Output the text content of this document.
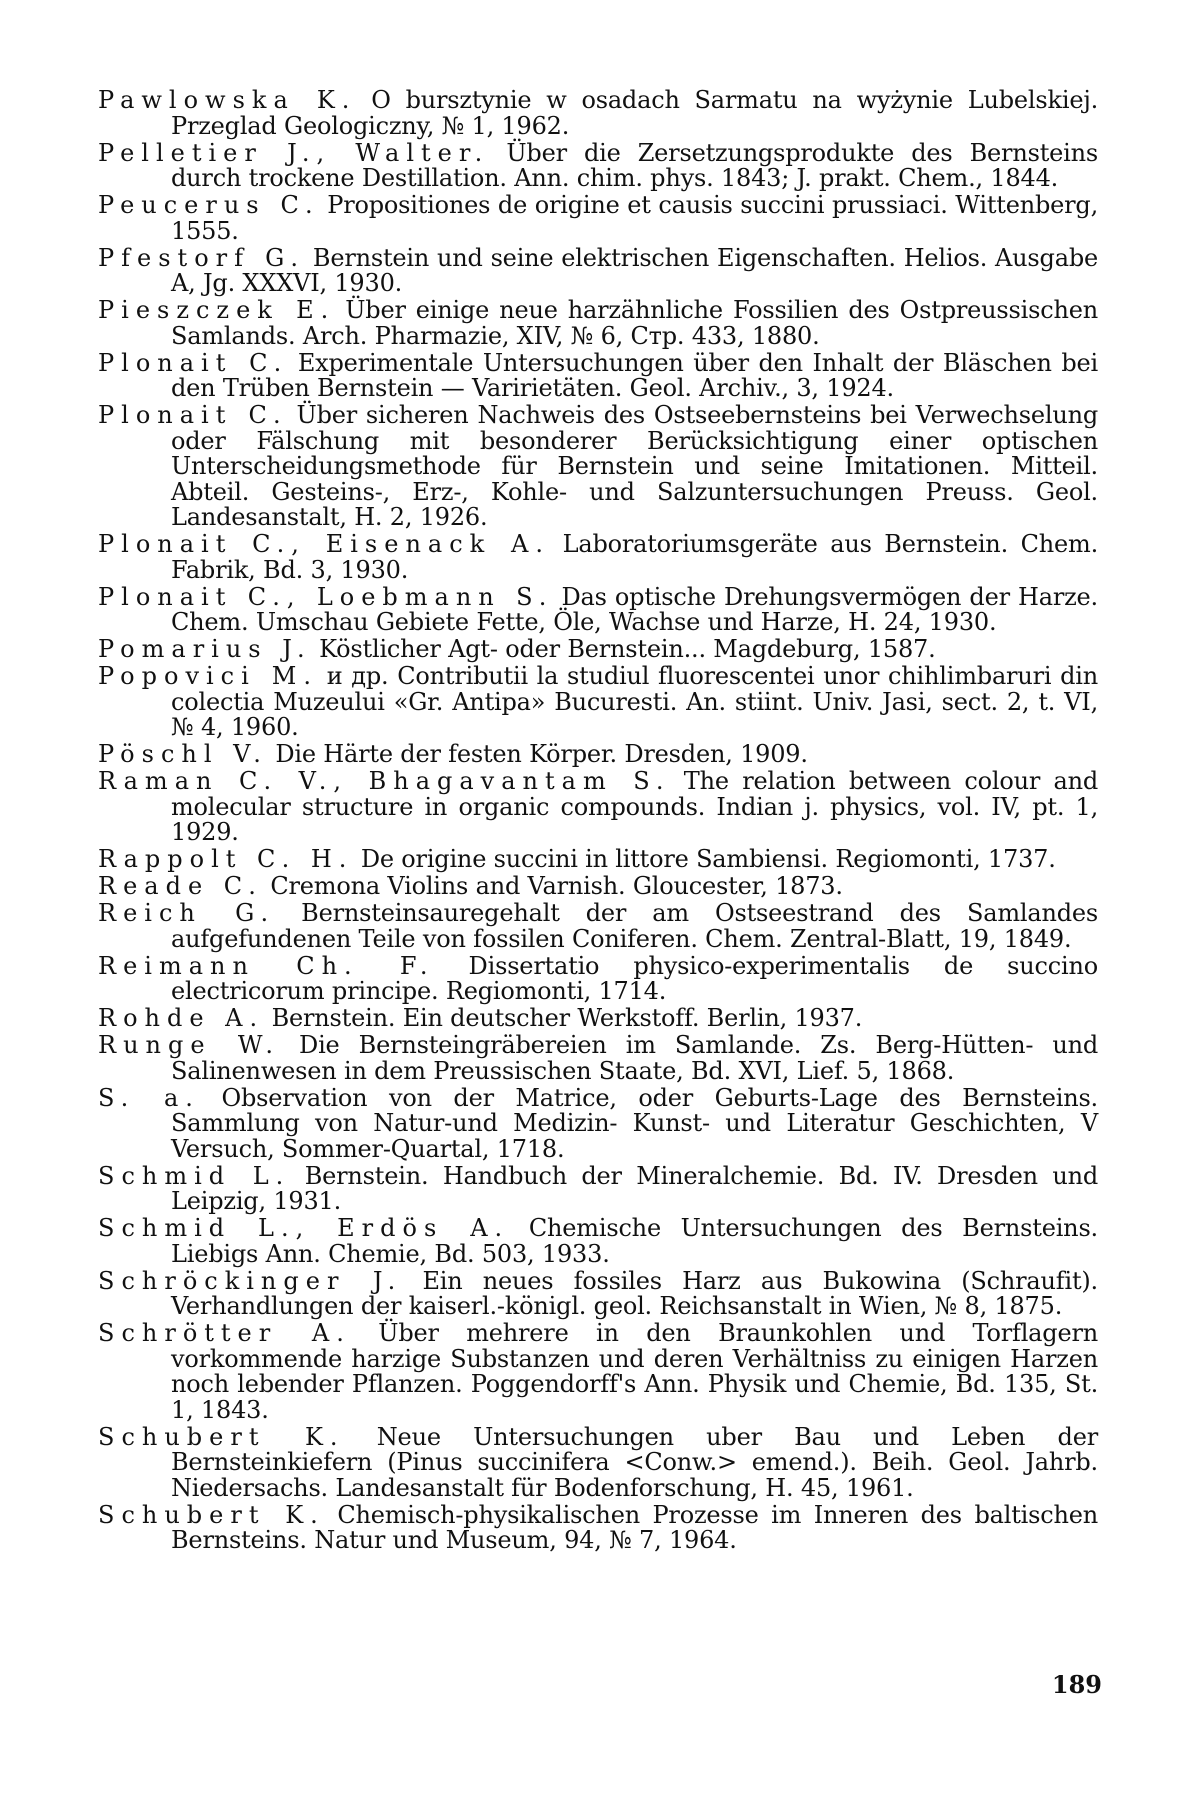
Pawlowska K. O bursztynie w osadach Sarmatu na wyżynie Lubelskiej. Przeglad Geologiczny, № 1, 1962.

Pelletier J., Walter. Über die Zersetzungsprodukte des Bernsteins durch trockene Destillation. Ann. chim. phys. 1843; J. prakt. Chem., 1844.

Peucerus C. Propositiones de origine et causis succini prussiaci. Wittenberg, 1555.

Pfestorf G. Bernstein und seine elektrischen Eigenschaften. Helios. Ausgabe A, Jg. XXXVI, 1930.

Pieszczek E. Über einige neue harzähnliche Fossilien des Ostpreussischen Samlands. Arch. Pharmazie, XIV, № 6, Стр. 433, 1880.

Plonait C. Experimentale Untersuchungen über den Inhalt der Bläschen bei den Trüben Bernstein — Varirietäten. Geol. Archiv., 3, 1924.

Plonait C. Über sicheren Nachweis des Ostseebernsteins bei Verwechselung oder Fälschung mit besonderer Berücksichtigung einer optischen Unterscheidungsmethode für Bernstein und seine Imitationen. Mitteil. Abteil. Gesteins-, Erz-, Kohle- und Salzuntersuchungen Preuss. Geol. Landesanstalt, H. 2, 1926.

Plonait C., Eisenack A. Laboratoriumsgeräte aus Bernstein. Chem. Fabrik, Bd. 3, 1930.

Plonait C., Loebmann S. Das optische Drehungsvermögen der Harze. Chem. Umschau Gebiete Fette, Öle, Wachse und Harze, H. 24, 1930.

Pomarius J. Köstlicher Agt- oder Bernstein... Magdeburg, 1587.

Popovici M. и др. Contributii la studiul fluorescentei unor chihlimbaruri din colectia Muzeului «Gr. Antipa» Bucuresti. An. stiint. Univ. Jasi, sect. 2, t. VI, № 4, 1960.

Pöschl V. Die Härte der festen Körper. Dresden, 1909.

Raman C. V., Bhagavantam S. The relation between colour and molecular structure in organic compounds. Indian j. physics, vol. IV, pt. 1, 1929.

Rappolt C. H. De origine succini in littore Sambiensi. Regiomonti, 1737.

Reade C. Cremona Violins and Varnish. Gloucester, 1873.

Reich G. Bernsteinsauregehalt der am Ostseestrand des Samlandes aufgefundenen Teile von fossilen Coniferen. Chem. Zentral-Blatt, 19, 1849.

Reimann Ch. F. Dissertatio physico-experimentalis de succino electricorum principe. Regiomonti, 1714.

Rohde A. Bernstein. Ein deutscher Werkstoff. Berlin, 1937.

Runge W. Die Bernsteingräbereien im Samlande. Zs. Berg-Hütten- und Salinenwesen in dem Preussischen Staate, Bd. XVI, Lief. 5, 1868.

S. a. Observation von der Matrice, oder Geburts-Lage des Bernsteins. Sammlung von Natur-und Medizin- Kunst- und Literatur Geschichten, V Versuch, Sommer-Quartal, 1718.

Schmid L. Bernstein. Handbuch der Mineralchemie. Bd. IV. Dresden und Leipzig, 1931.

Schmid L., Erdös A. Chemische Untersuchungen des Bernsteins. Liebigs Ann. Chemie, Bd. 503, 1933.

Schröckinger J. Ein neues fossiles Harz aus Bukowina (Schraufit). Verhandlungen der kaiserl.-königl. geol. Reichsanstalt in Wien, № 8, 1875.

Schrötter A. Über mehrere in den Braunkohlen und Torflagern vorkommende harzige Substanzen und deren Verhältniss zu einigen Harzen noch lebender Pflanzen. Poggendorff's Ann. Physik und Chemie, Bd. 135, St. 1, 1843.

Schubert K. Neue Untersuchungen uber Bau und Leben der Bernsteinkiefern (Pinus succinifera <Conw.> emend.). Beih. Geol. Jahrb. Niedersachs. Landesanstalt für Bodenforschung, H. 45, 1961.

Schubert K. Chemisch-physikalischen Prozesse im Inneren des baltischen Bernsteins. Natur und Museum, 94, № 7, 1964.

189
